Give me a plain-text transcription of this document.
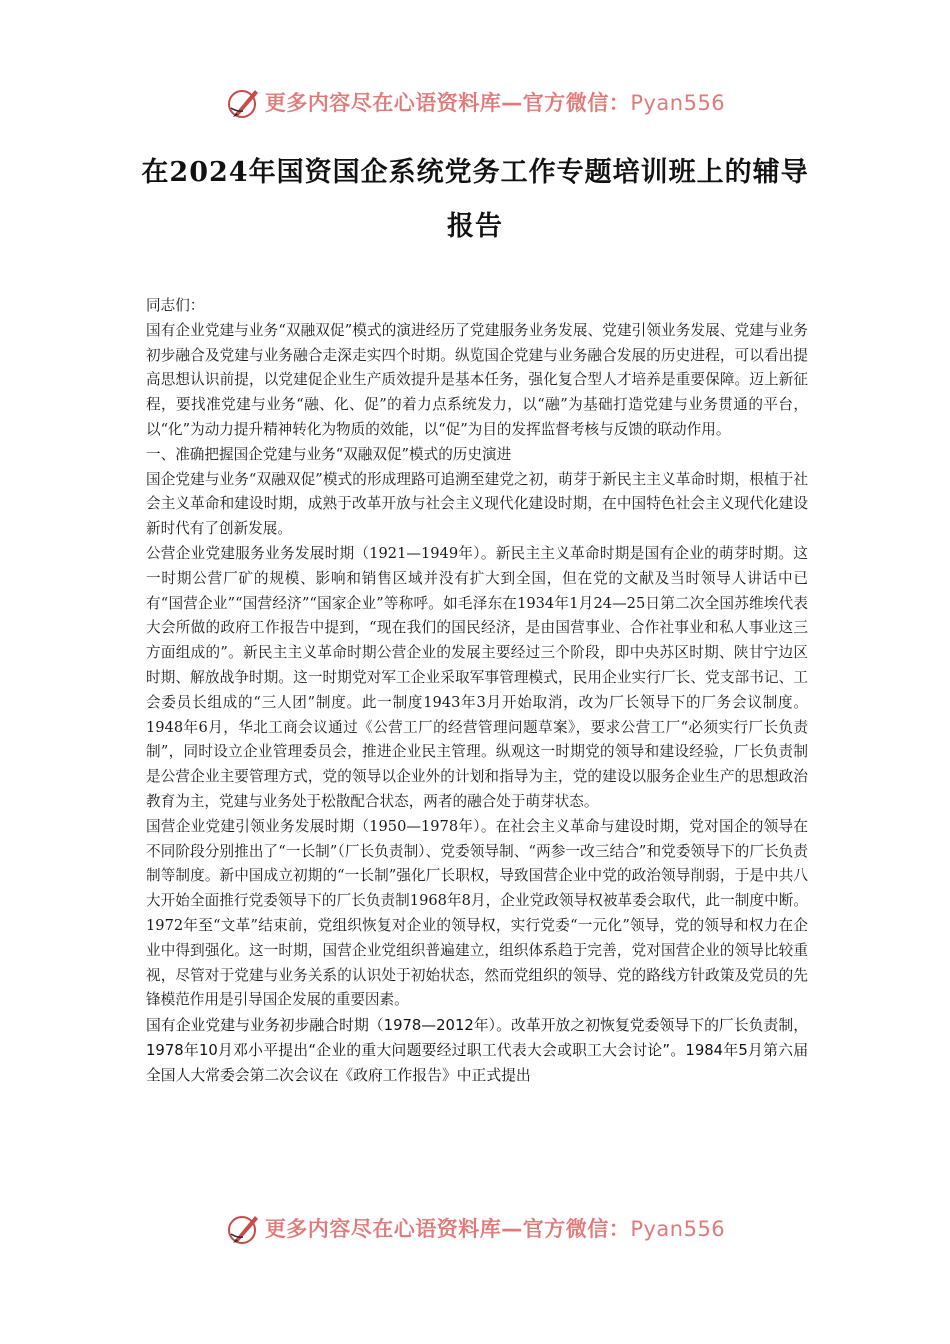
更多内容尽在心语资料库—官方微信：Pyan556
在2024年国资国企系统党务工作专题培训班上的辅导报告

同志们：

国有企业党建与业务“双融双促”模式的演进经历了党建服务业务发展、党建引领业务发展、党建与业务初步融合及党建与业务融合走深走实四个时期。纵览国企党建与业务融合发展的历史进程，可以看出提高思想认识前提，以党建促企业生产质效提升是基本任务，强化复合型人才培养是重要保障。迈上新征程，要找准党建与业务“融、化、促”的着力点系统发力，以“融”为基础打造党建与业务贯通的平台，以“化”为动力提升精神转化为物质的效能，以“促”为目的发挥监督考核与反馈的联动作用。

一、准确把握国企党建与业务“双融双促”模式的历史演进

国企党建与业务“双融双促”模式的形成理路可追溯至建党之初，萌芽于新民主主义革命时期，根植于社会主义革命和建设时期，成熟于改革开放与社会主义现代化建设时期，在中国特色社会主义现代化建设新时代有了创新发展。

公营企业党建服务业务发展时期（1921—1949年）。新民主主义革命时期是国有企业的萌芽时期。这一时期公营厂矿的规模、影响和销售区域并没有扩大到全国，但在党的文献及当时领导人讲话中已有“国营企业”“国营经济”“国家企业”等称呼。如毛泽东在1934年1月24—25日第二次全国苏维埃代表大会所做的政府工作报告中提到，“现在我们的国民经济，是由国营事业、合作社事业和私人事业这三方面组成的”。新民主主义革命时期公营企业的发展主要经过三个阶段，即中央苏区时期、陕甘宁边区时期、解放战争时期。这一时期党对军工企业采取军事管理模式，民用企业实行厂长、党支部书记、工会委员长组成的“三人团”制度。此一制度1943年3月开始取消，改为厂长领导下的厂务会议制度。1948年6月，华北工商会议通过《公营工厂的经营管理问题草案》，要求公营工厂“必须实行厂长负责制”，同时设立企业管理委员会，推进企业民主管理。纵观这一时期党的领导和建设经验，厂长负责制是公营企业主要管理方式，党的领导以企业外的计划和指导为主，党的建设以服务企业生产的思想政治教育为主，党建与业务处于松散配合状态，两者的融合处于萌芽状态。

国营企业党建引领业务发展时期（1950—1978年）。在社会主义革命与建设时期，党对国企的领导在不同阶段分别推出了“一长制”（厂长负责制）、党委领导制、“两参一改三结合”和党委领导下的厂长负责制等制度。新中国成立初期的“一长制”强化厂长职权，导致国营企业中党的政治领导削弱，于是中共八大开始全面推行党委领导下的厂长负责制1968年8月，企业党政领导权被革委会取代，此一制度中断。1972年至“文革”结束前，党组织恢复对企业的领导权，实行党委“一元化”领导，党的领导和权力在企业中得到强化。这一时期，国营企业党组织普遍建立，组织体系趋于完善，党对国营企业的领导比较重视，尽管对于党建与业务关系的认识处于初始状态，然而党组织的领导、党的路线方针政策及党员的先锋模范作用是引导国企发展的重要因素。

国有企业党建与业务初步融合时期（1978—2012年）。改革开放之初恢复党委领导下的厂长负责制，1978年10月邓小平提出“企业的重大问题要经过职工代表大会或职工大会讨论”。1984年5月第六届全国人大常委会第二次会议在《政府工作报告》中正式提出

更多内容尽在心语资料库—官方微信：Pyan556
